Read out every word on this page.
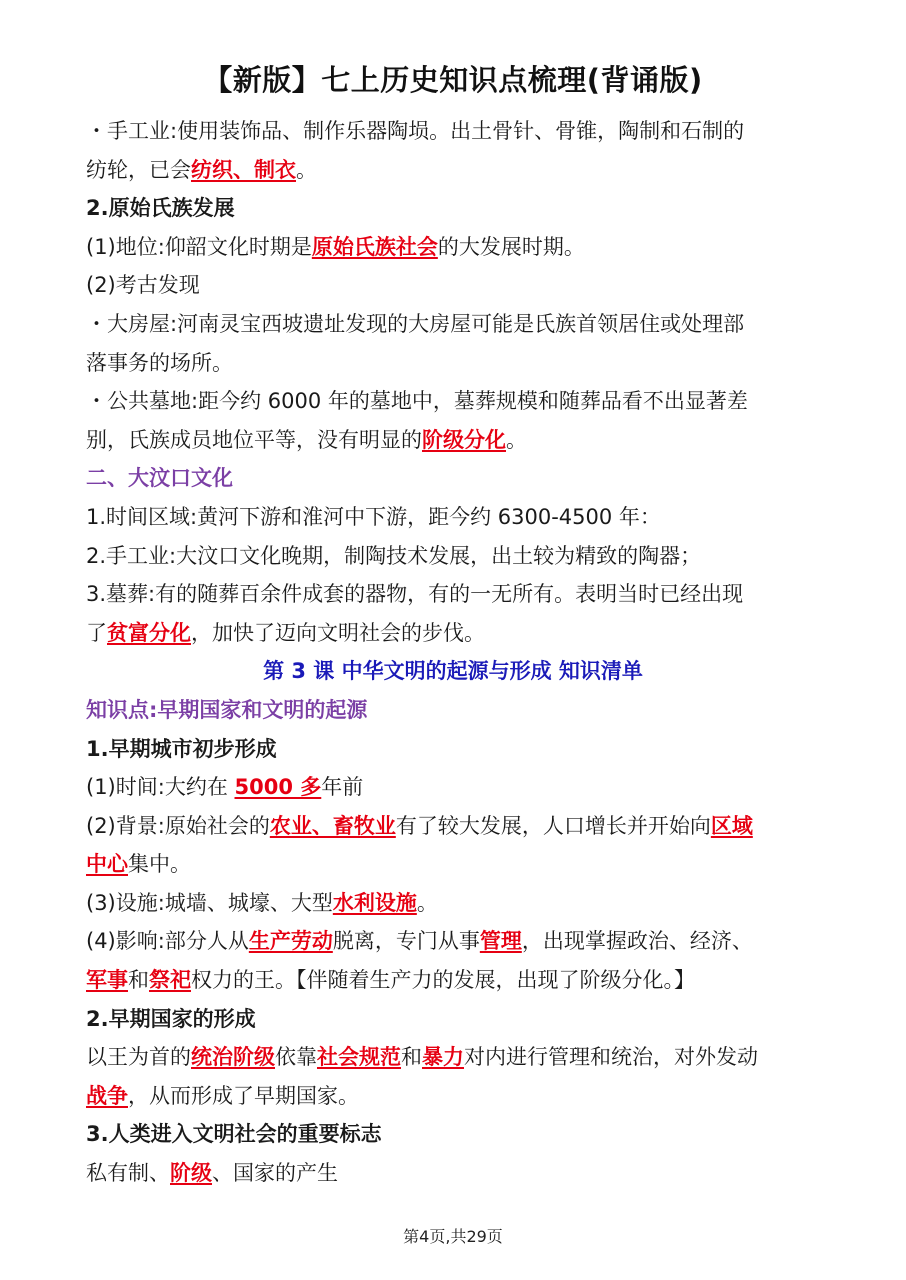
【新版】七上历史知识点梳理(背诵版)
・手工业:使用装饰品、制作乐器陶埙。出土骨针、骨锥，陶制和石制的
纺轮，已会纺织、制衣。
2.原始氏族发展
(1)地位:仰韶文化时期是原始氏族社会的大发展时期。
(2)考古发现
・大房屋:河南灵宝西坡遗址发现的大房屋可能是氏族首领居住或处理部
落事务的场所。
・公共墓地:距今约 6000 年的墓地中，墓葬规模和随葬品看不出显著差
别，氏族成员地位平等，没有明显的阶级分化。
二、大汶口文化
1.时间区域:黄河下游和淮河中下游，距今约 6300-4500 年：
2.手工业:大汶口文化晚期，制陶技术发展，出土较为精致的陶器；
3.墓葬:有的随葬百余件成套的器物，有的一无所有。表明当时已经出现
了贫富分化，加快了迈向文明社会的步伐。
第 3 课 中华文明的起源与形成 知识清单
知识点:早期国家和文明的起源
1.早期城市初步形成
(1)时间:大约在 5000 多年前
(2)背景:原始社会的农业、畜牧业有了较大发展，人口增长并开始向区域
中心集中。
(3)设施:城墙、城壕、大型水利设施。
(4)影响:部分人从生产劳动脱离，专门从事管理，出现掌握政治、经济、
军事和祭祀权力的王。【伴随着生产力的发展，出现了阶级分化。】
2.早期国家的形成
以王为首的统治阶级依靠社会规范和暴力对内进行管理和统治，对外发动
战争，从而形成了早期国家。
3.人类进入文明社会的重要标志
私有制、阶级、国家的产生
第4页,共29页
